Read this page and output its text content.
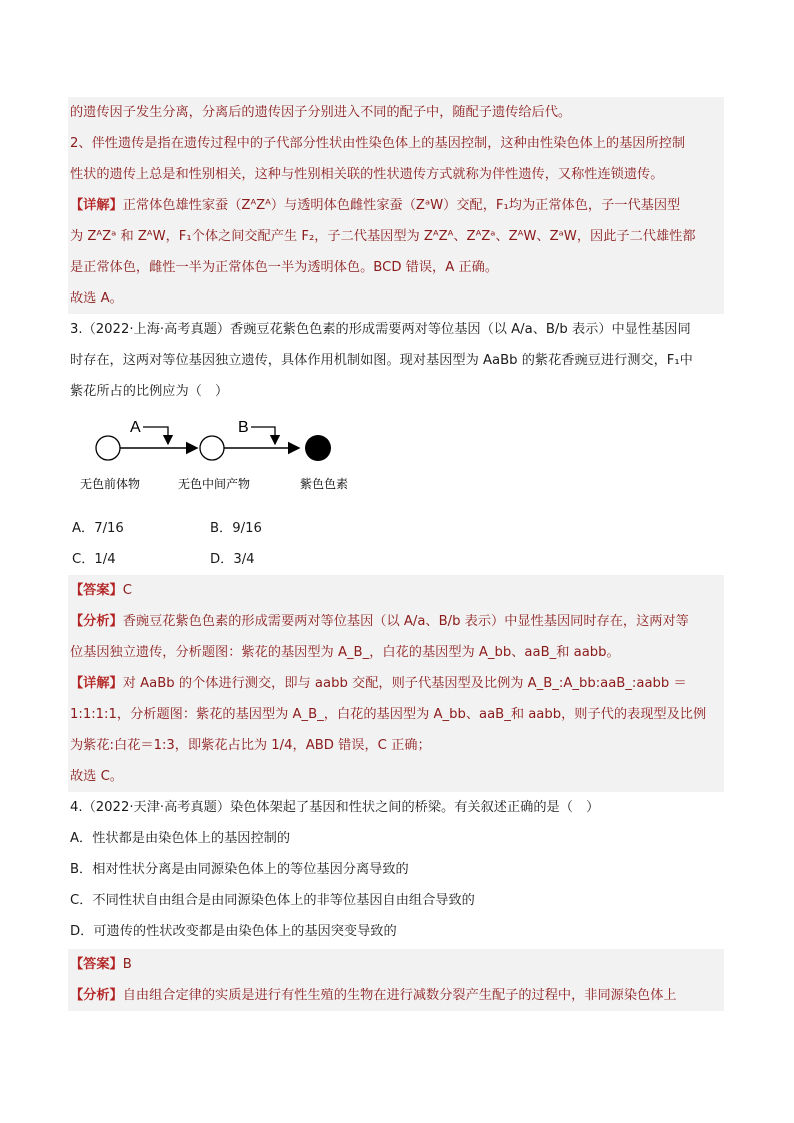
的遗传因子发生分离，分离后的遗传因子分别进入不同的配子中，随配子遗传给后代。
2、伴性遗传是指在遗传过程中的子代部分性状由性染色体上的基因控制，这种由性染色体上的基因所控制
性状的遗传上总是和性别相关，这种与性别相关联的性状遗传方式就称为伴性遗传，又称性连锁遗传。
【详解】正常体色雄性家蚕（ZᴬZᴬ）与透明体色雌性家蚕（ZᵃW）交配，F₁均为正常体色，子一代基因型
为 ZᴬZᵃ 和 ZᴬW，F₁个体之间交配产生 F₂，子二代基因型为 ZᴬZᴬ、ZᴬZᵃ、ZᴬW、ZᵃW，因此子二代雄性都
是正常体色，雌性一半为正常体色一半为透明体色。BCD 错误，A 正确。
故选 A。
3.（2022·上海·高考真题）香豌豆花紫色色素的形成需要两对等位基因（以 A/a、B/b 表示）中显性基因同
时存在，这两对等位基因独立遗传，具体作用机制如图。现对基因型为 AaBb 的紫花香豌豆进行测交，F₁中
紫花所占的比例应为（　）
A	B
无色前体物	无色中间产物	紫色色素
A．7/16	B．9/16
C．1/4	D．3/4
【答案】C
【分析】香豌豆花紫色色素的形成需要两对等位基因（以 A/a、B/b 表示）中显性基因同时存在，这两对等
位基因独立遗传，分析题图：紫花的基因型为 A_B_，白花的基因型为 A_bb、aaB_和 aabb。
【详解】对 AaBb 的个体进行测交，即与 aabb 交配，则子代基因型及比例为 A_B_:A_bb:aaB_:aabb ＝
1:1:1:1，分析题图：紫花的基因型为 A_B_，白花的基因型为 A_bb、aaB_和 aabb，则子代的表现型及比例
为紫花:白花＝1:3，即紫花占比为 1/4，ABD 错误，C 正确；
故选 C。
4.（2022·天津·高考真题）染色体架起了基因和性状之间的桥梁。有关叙述正确的是（　）
A．性状都是由染色体上的基因控制的
B．相对性状分离是由同源染色体上的等位基因分离导致的
C．不同性状自由组合是由同源染色体上的非等位基因自由组合导致的
D．可遗传的性状改变都是由染色体上的基因突变导致的
【答案】B
【分析】自由组合定律的实质是进行有性生殖的生物在进行减数分裂产生配子的过程中，非同源染色体上
